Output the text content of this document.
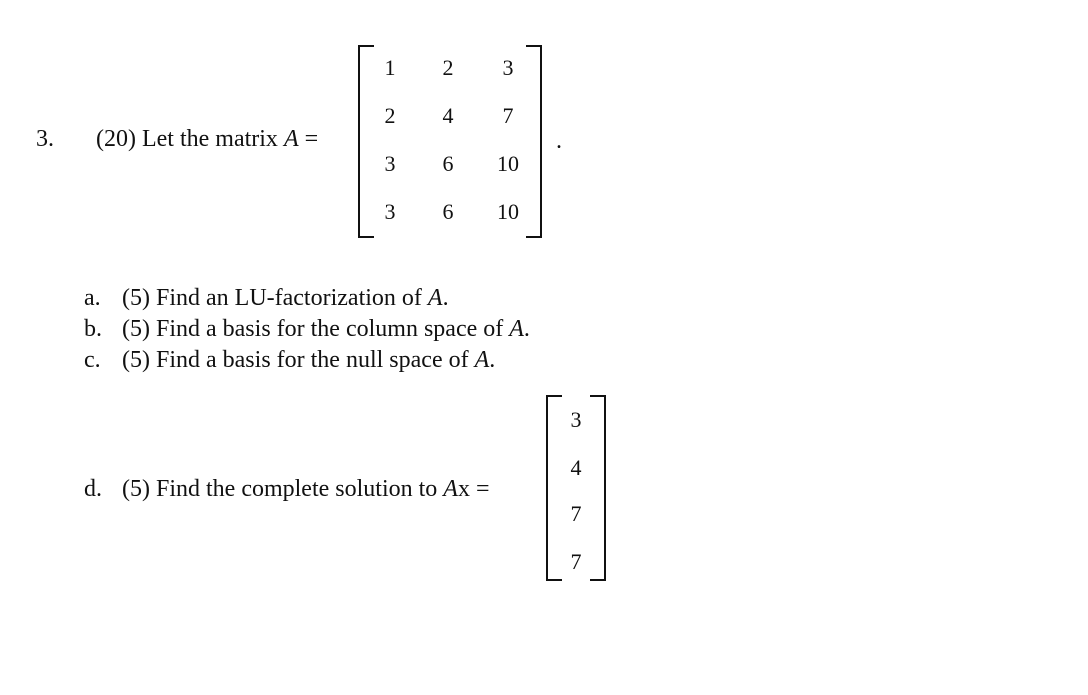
3. (20) Let the matrix A =
1 2 3
2 4 7
3 6 10
3 6 10
.
a. (5) Find an LU-factorization of A.
b. (5) Find a basis for the column space of A.
c. (5) Find a basis for the null space of A.
d. (5) Find the complete solution to Ax =
3
4
7
7
